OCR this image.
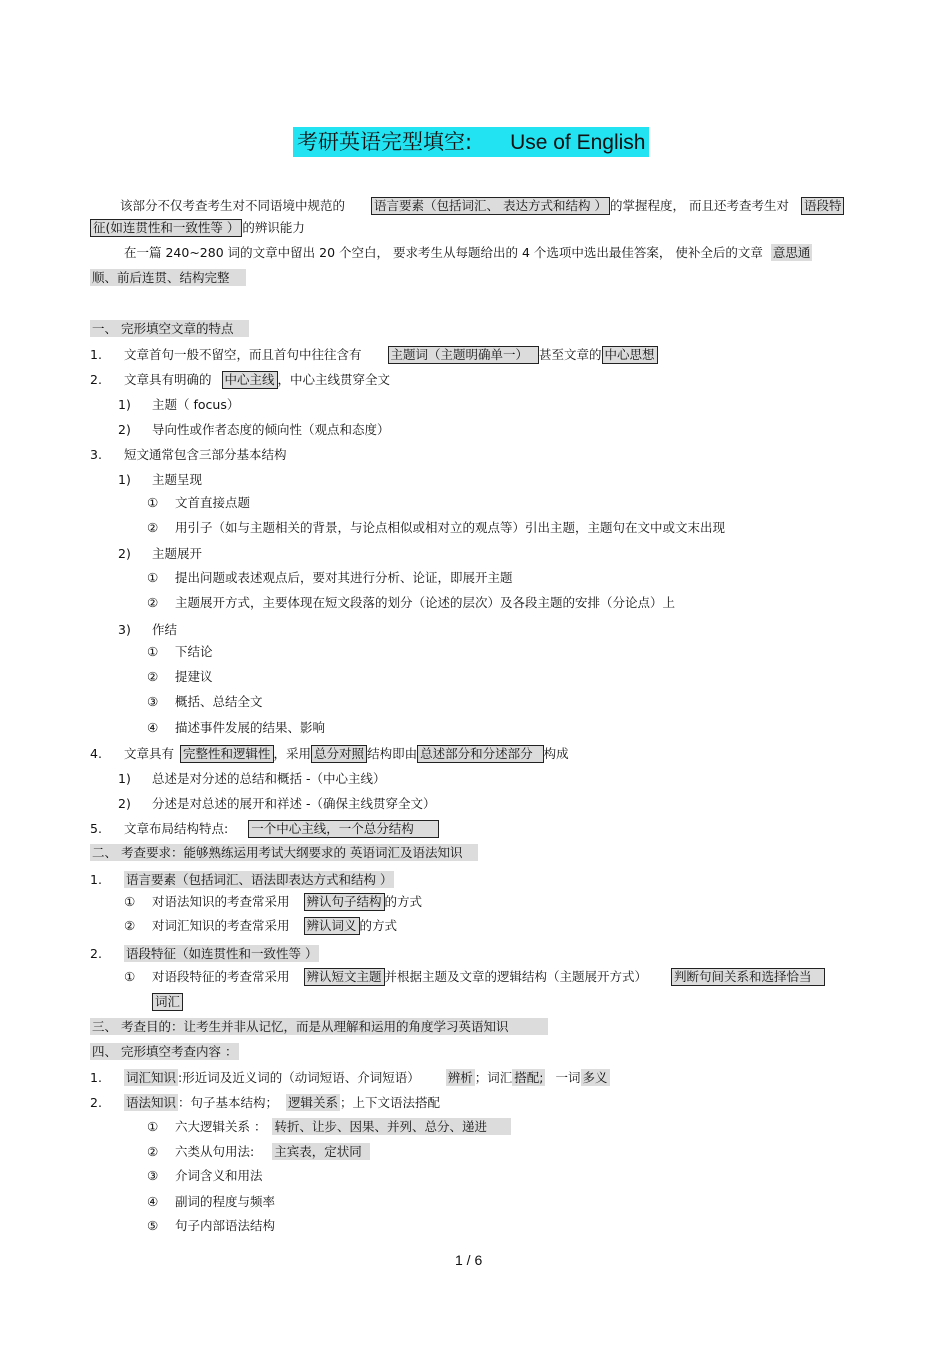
考研英语完型填空: Use of English
该部分不仅考查考生对不同语境中规范的 语言要素（包括词汇、 表达方式和结构 ） 的掌握程度， 而且还考查考生对 语段特
征(如连贯性和一致性等 ） 的辨识能力
在一篇 240~280 词的文章中留出 20 个空白， 要求考生从每题给出的 4 个选项中选出最佳答案， 使补全后的文章 意思通
顺、前后连贯、结构完整
一、 完形填空文章的特点
1. 文章首句一般不留空，而且首句中往往含有 主题词（主题明确单一） 甚至文章的 中心思想
2. 文章具有明确的 中心主线 ，中心主线贯穿全文
1) 主题（ focus）
2) 导向性或作者态度的倾向性（观点和态度）
3. 短文通常包含三部分基本结构
1) 主题呈现
① 文首直接点题
② 用引子（如与主题相关的背景，与论点相似或相对立的观点等）引出主题，主题句在文中或文末出现
2) 主题展开
① 提出问题或表述观点后，要对其进行分析、论证，即展开主题
② 主题展开方式，主要体现在短文段落的划分（论述的层次）及各段主题的安排（分论点）上
3) 作结
① 下结论
② 提建议
③ 概括、总结全文
④ 描述事件发展的结果、影响
4. 文章具有 完整性和逻辑性 ，采用 总分对照 结构即由 总述部分和分述部分 构成
1) 总述是对分述的总结和概括 -（中心主线）
2) 分述是对总述的展开和祥述 -（确保主线贯穿全文）
5. 文章布局结构特点: 一个中心主线，一个总分结构
二、 考查要求：能够熟练运用考试大纲要求的 英语词汇及语法知识
1. 语言要素（包括词汇、语法即表达方式和结构 ）
① 对语法知识的考查常采用 辨认句子结构 的方式
② 对词汇知识的考查常采用 辨认词义 的方式
2. 语段特征（如连贯性和一致性等 ）
① 对语段特征的考查常采用 辨认短文主题 并根据主题及文章的逻辑结构（主题展开方式） 判断句间关系和选择恰当
词汇
三、 考查目的：让考生并非从记忆，而是从理解和运用的角度学习英语知识
四、 完形填空考查内容 ：
1. 词汇知识 :形近词及近义词的（动词短语、介词短语） 辨析 ；词汇 搭配; 一词 多义
2. 语法知识 ：句子基本结构； 逻辑关系 ；上下文语法搭配
① 六大逻辑关系 ： 转折、让步、因果、并列、总分、递进
② 六类从句用法: 主宾表，定状同
③ 介词含义和用法
④ 副词的程度与频率
⑤ 句子内部语法结构
1 / 6
